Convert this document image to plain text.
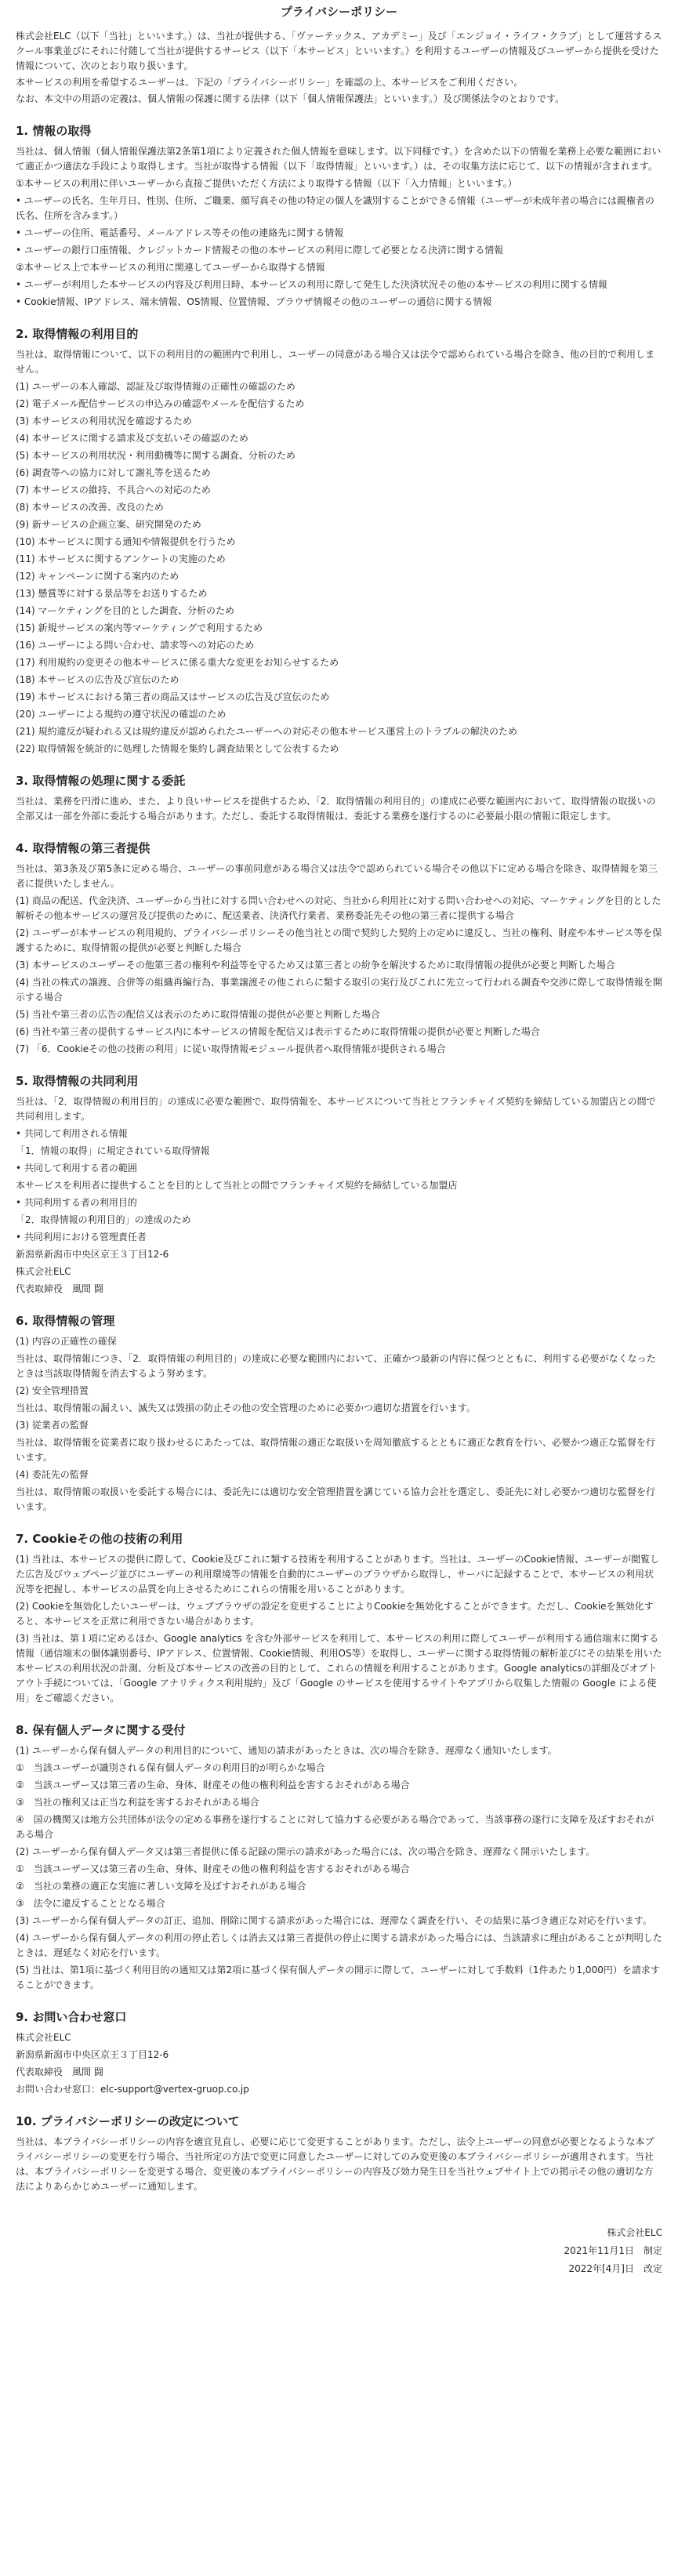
プライバシーポリシー

株式会社ELC（以下「当社」といいます。）は、当社が提供する、「ヴァーテックス、アカデミー」及び「エンジョイ・ライフ・クラブ」として運営するスクール事業並びにそれに付随して当社が提供するサービス（以下「本サービス」といいます。）を利用するユーザーの情報及びユーザーから提供を受けた情報について、次のとおり取り扱います。

本サービスの利用を希望するユーザーは、下記の「プライバシーポリシー」を確認の上、本サービスをご利用ください。

なお、本文中の用語の定義は、個人情報の保護に関する法律（以下「個人情報保護法」といいます。）及び関係法令のとおりです。

1. 情報の取得

当社は、個人情報（個人情報保護法第2条第1項により定義された個人情報を意味します。以下同様です。）を含めた以下の情報を業務上必要な範囲において適正かつ適法な手段により取得します。当社が取得する情報（以下「取得情報」といいます。）は、その収集方法に応じて、以下の情報が含まれます。

①本サービスの利用に伴いユーザーから直接ご提供いただく方法により取得する情報（以下「入力情報」といいます。）

• ユーザーの氏名、生年月日、性別、住所、ご職業、顔写真その他の特定の個人を識別することができる情報（ユーザーが未成年者の場合には親権者の氏名、住所を含みます。）

• ユーザーの住所、電話番号、メールアドレス等その他の連絡先に関する情報

• ユーザーの銀行口座情報、クレジットカード情報その他の本サービスの利用に際して必要となる決済に関する情報

②本サービス上で本サービスの利用に関連してユーザーから取得する情報

• ユーザーが利用した本サービスの内容及び利用日時、本サービスの利用に際して発生した決済状況その他の本サービスの利用に関する情報

• Cookie情報、IPアドレス、端末情報、OS情報、位置情報、ブラウザ情報その他のユーザーの通信に関する情報

2. 取得情報の利用目的

当社は、取得情報について、以下の利用目的の範囲内で利用し、ユーザーの同意がある場合又は法令で認められている場合を除き、他の目的で利用しません。

(1) ユーザーの本人確認、認証及び取得情報の正確性の確認のため

(2) 電子メール配信サービスの申込みの確認やメールを配信するため

(3) 本サービスの利用状況を確認するため

(4) 本サービスに関する請求及び支払いその確認のため

(5) 本サービスの利用状況・利用動機等に関する調査、分析のため

(6) 調査等への協力に対して謝礼等を送るため

(7) 本サービスの維持、不具合への対応のため

(8) 本サービスの改善、改良のため

(9) 新サービスの企画立案、研究開発のため

(10) 本サービスに関する通知や情報提供を行うため

(11) 本サービスに関するアンケートの実施のため

(12) キャンペーンに関する案内のため

(13) 懸賞等に対する景品等をお送りするため

(14) マーケティングを目的とした調査、分析のため

(15) 新規サービスの案内等マーケティングで利用するため

(16) ユーザーによる問い合わせ、請求等への対応のため

(17) 利用規約の変更その他本サービスに係る重大な変更をお知らせするため

(18) 本サービスの広告及び宣伝のため

(19) 本サービスにおける第三者の商品又はサービスの広告及び宣伝のため

(20) ユーザーによる規約の遵守状況の確認のため

(21) 規約違反が疑われる又は規約違反が認められたユーザーへの対応その他本サービス運営上のトラブルの解決のため

(22) 取得情報を統計的に処理した情報を集約し調査結果として公表するため

3. 取得情報の処理に関する委託

当社は、業務を円滑に進め、また、より良いサービスを提供するため、「2．取得情報の利用目的」の達成に必要な範囲内において、取得情報の取扱いの全部又は一部を外部に委託する場合があります。ただし、委託する取得情報は、委託する業務を遂行するのに必要最小限の情報に限定します。

4. 取得情報の第三者提供

当社は、第3条及び第5条に定める場合、ユーザーの事前同意がある場合又は法令で認められている場合その他以下に定める場合を除き、取得情報を第三者に提供いたしません。

(1) 商品の配送、代金決済、ユーザーから当社に対する問い合わせへの対応、当社から利用社に対する問い合わせへの対応、マーケティングを目的とした解析その他本サービスの運営及び提供のために、配送業者、決済代行業者、業務委託先その他の第三者に提供する場合

(2) ユーザーが本サービスの利用規約、プライバシーポリシーその他当社との間で契約した契約上の定めに違反し、当社の権利、財産や本サービス等を保護するために、取得情報の提供が必要と判断した場合

(3) 本サービスのユーザーその他第三者の権利や利益等を守るため又は第三者との紛争を解決するために取得情報の提供が必要と判断した場合

(4) 当社の株式の譲渡、合併等の組織再編行為、事業譲渡その他これらに類する取引の実行及びこれに先立って行われる調査や交渉に際して取得情報を開示する場合

(5) 当社や第三者の広告の配信又は表示のために取得情報の提供が必要と判断した場合

(6) 当社や第三者の提供するサービス内に本サービスの情報を配信又は表示するために取得情報の提供が必要と判断した場合

(7) 「6．Cookieその他の技術の利用」に従い取得情報モジュール提供者へ取得情報が提供される場合

5. 取得情報の共同利用

当社は、「2．取得情報の利用目的」の達成に必要な範囲で、取得情報を、本サービスについて当社とフランチャイズ契約を締結している加盟店との間で共同利用します。

• 共同して利用される情報

「1．情報の取得」に規定されている取得情報

• 共同して利用する者の範囲

本サービスを利用者に提供することを目的として当社との間でフランチャイズ契約を締結している加盟店

• 共同利用する者の利用目的

「2．取得情報の利用目的」の達成のため

• 共同利用における管理責任者

新潟県新潟市中央区京王３丁目12-6

株式会社ELC

代表取締役　風間 闘

6. 取得情報の管理

(1) 内容の正確性の確保

当社は、取得情報につき、「2．取得情報の利用目的」の達成に必要な範囲内において、正確かつ最新の内容に保つとともに、利用する必要がなくなったときは当該取得情報を消去するよう努めます。

(2) 安全管理措置

当社は、取得情報の漏えい、滅失又は毀損の防止その他の安全管理のために必要かつ適切な措置を行います。

(3) 従業者の監督

当社は、取得情報を従業者に取り扱わせるにあたっては、取得情報の適正な取扱いを周知徹底するとともに適正な教育を行い、必要かつ適正な監督を行います。

(4) 委託先の監督

当社は、取得情報の取扱いを委託する場合には、委託先には適切な安全管理措置を講じている協力会社を選定し、委託先に対し必要かつ適切な監督を行います。

7. Cookieその他の技術の利用

(1) 当社は、本サービスの提供に際して、Cookie及びこれに類する技術を利用することがあります。当社は、ユーザーのCookie情報、ユーザーが閲覧した広告及びウェブページ並びにユーザーの利用環境等の情報を自動的にユーザーのブラウザから取得し、サーバに記録することで、本サービスの利用状況等を把握し、本サービスの品質を向上させるためにこれらの情報を用いることがあります。

(2) Cookieを無効化したいユーザーは、ウェブブラウザの設定を変更することによりCookieを無効化することができます。ただし、Cookieを無効化すると、本サービスを正常に利用できない場合があります。

(3) 当社は、第１項に定めるほか、Google analytics を含む外部サービスを利用して、本サービスの利用に際してユーザーが利用する通信端末に関する情報（通信端末の個体識別番号、IPアドレス、位置情報、Cookie情報、利用OS等）を取得し、ユーザーに関する取得情報の解析並びにその結果を用いた本サービスの利用状況の計測、分析及び本サービスの改善の目的として、これらの情報を利用することがあります。Google analyticsの詳細及びオプトアウト手続については、「Google アナリティクス利用規約」及び「Google のサービスを使用するサイトやアプリから収集した情報の Google による使用」をご確認ください。

8. 保有個人データに関する受付

(1) ユーザーから保有個人データの利用目的について、通知の請求があったときは、次の場合を除き、遅滞なく通知いたします。

①　当該ユーザーが識別される保有個人データの利用目的が明らかな場合

②　当該ユーザー又は第三者の生命、身体、財産その他の権利利益を害するおそれがある場合

③　当社の権利又は正当な利益を害するおそれがある場合

④　国の機関又は地方公共団体が法令の定める事務を遂行することに対して協力する必要がある場合であって、当該事務の遂行に支障を及ぼすおそれがある場合

(2) ユーザーから保有個人データ又は第三者提供に係る記録の開示の請求があった場合には、次の場合を除き、遅滞なく開示いたします。

①　当該ユーザー又は第三者の生命、身体、財産その他の権利利益を害するおそれがある場合

②　当社の業務の適正な実施に著しい支障を及ぼすおそれがある場合

③　法令に違反することとなる場合

(3) ユーザーから保有個人データの訂正、追加、削除に関する請求があった場合には、遅滞なく調査を行い、その結果に基づき適正な対応を行います。

(4) ユーザーから保有個人データの利用の停止若しくは消去又は第三者提供の停止に関する請求があった場合には、当該請求に理由があることが判明したときは、遅延なく対応を行います。

(5) 当社は、第1項に基づく利用目的の通知又は第2項に基づく保有個人データの開示に際して、ユーザーに対して手数料（1件あたり1,000円）を請求することができます。

9. お問い合わせ窓口

株式会社ELC

新潟県新潟市中央区京王３丁目12-6

代表取締役　風間 闘

お問い合わせ窓口：elc-support@vertex-gruop.co.jp

10. プライバシーポリシーの改定について

当社は、本プライバシーポリシーの内容を適宜見直し、必要に応じて変更することがあります。ただし、法令上ユーザーの同意が必要となるような本プライバシーポリシーの変更を行う場合、当社所定の方法で変更に同意したユーザーに対してのみ変更後の本プライバシーポリシーが適用されます。当社は、本プライバシーポリシーを変更する場合、変更後の本プライバシーポリシーの内容及び効力発生日を当社ウェブサイト上での掲示その他の適切な方法によりあらかじめユーザーに通知します。

株式会社ELC
2021年11月1日　制定
2022年[4月]日　改定
